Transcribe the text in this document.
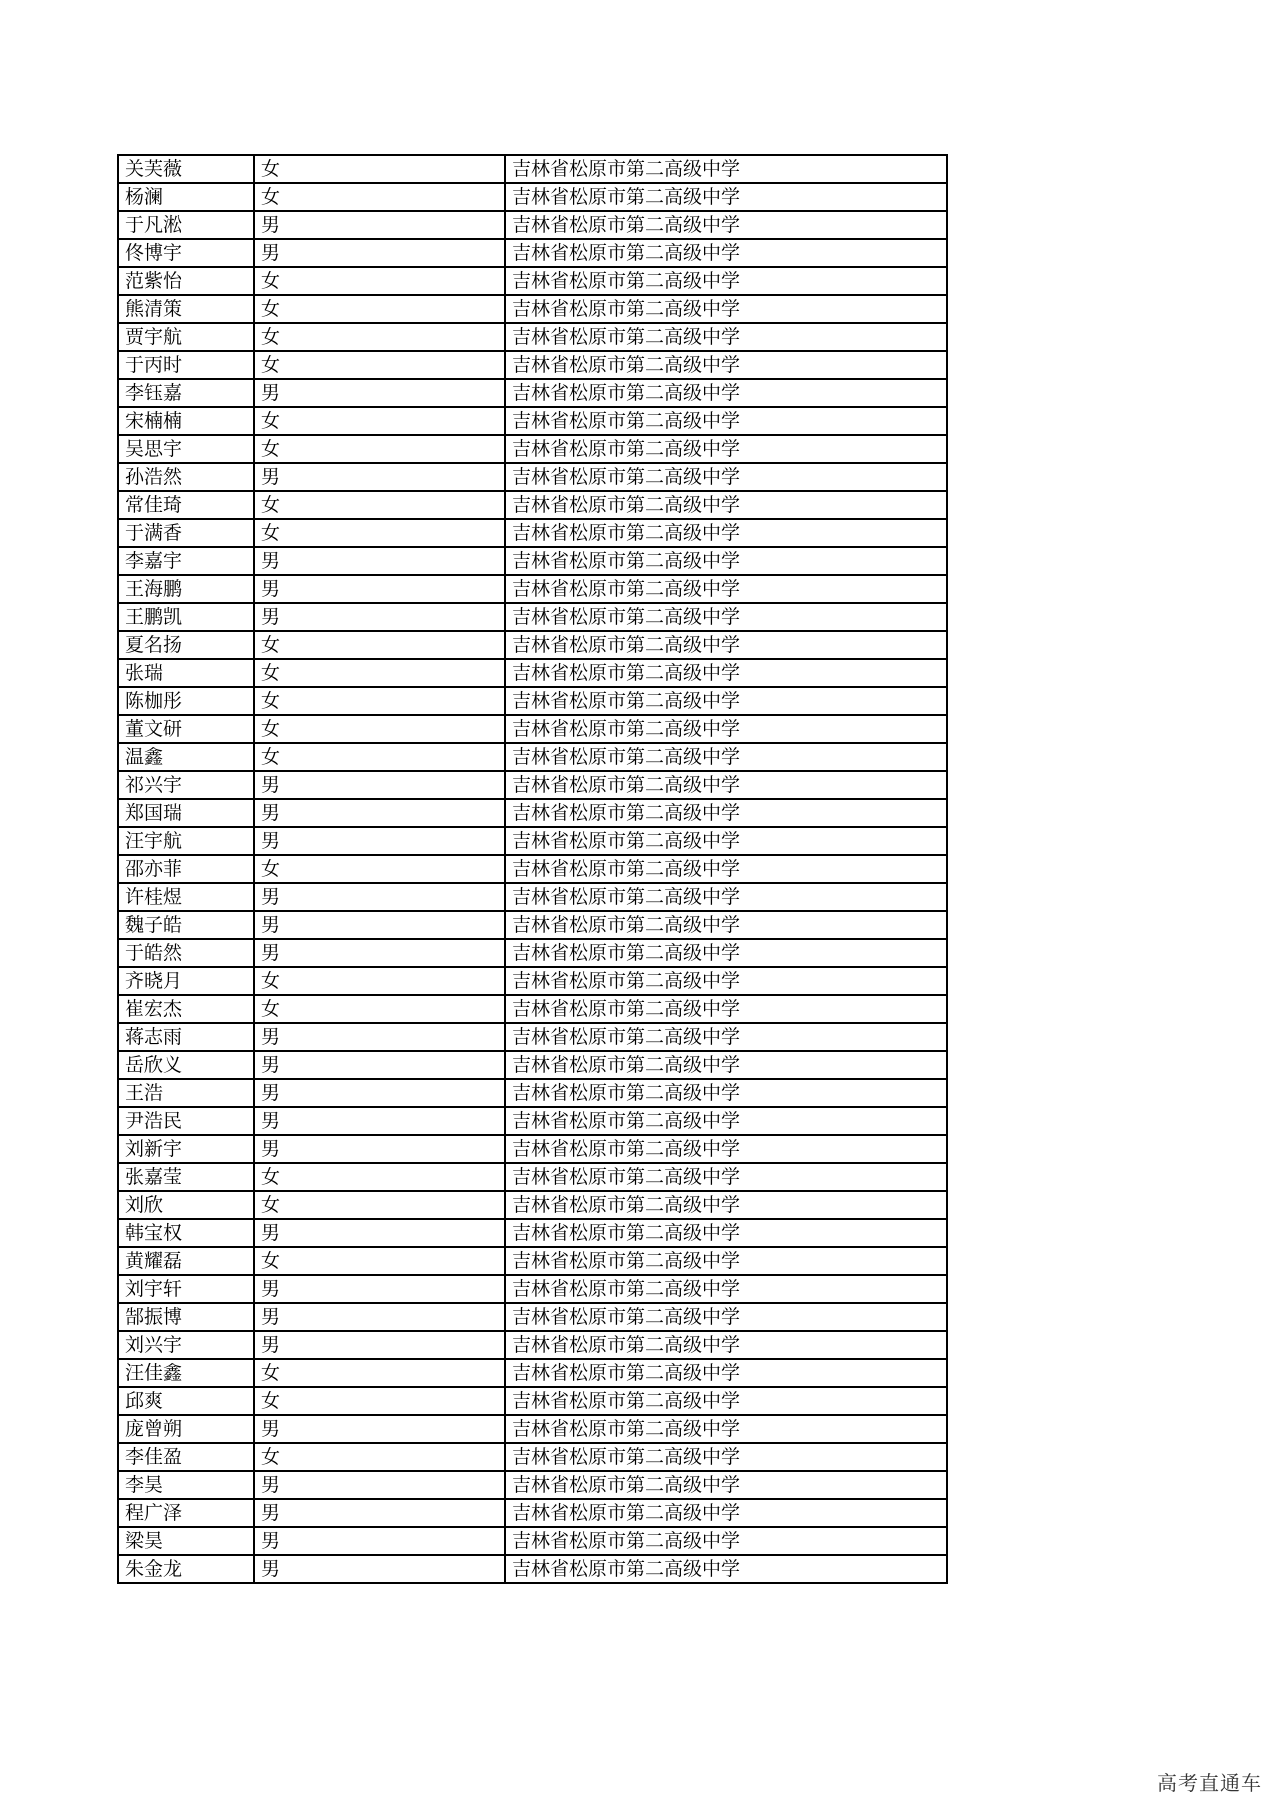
关芙薇	女	吉林省松原市第二高级中学
杨澜	女	吉林省松原市第二高级中学
于凡淞	男	吉林省松原市第二高级中学
佟博宇	男	吉林省松原市第二高级中学
范紫怡	女	吉林省松原市第二高级中学
熊清策	女	吉林省松原市第二高级中学
贾宇航	女	吉林省松原市第二高级中学
于丙时	女	吉林省松原市第二高级中学
李钰嘉	男	吉林省松原市第二高级中学
宋楠楠	女	吉林省松原市第二高级中学
吴思宇	女	吉林省松原市第二高级中学
孙浩然	男	吉林省松原市第二高级中学
常佳琦	女	吉林省松原市第二高级中学
于满香	女	吉林省松原市第二高级中学
李嘉宇	男	吉林省松原市第二高级中学
王海鹏	男	吉林省松原市第二高级中学
王鹏凯	男	吉林省松原市第二高级中学
夏名扬	女	吉林省松原市第二高级中学
张瑞	女	吉林省松原市第二高级中学
陈枷彤	女	吉林省松原市第二高级中学
董文研	女	吉林省松原市第二高级中学
温鑫	女	吉林省松原市第二高级中学
祁兴宇	男	吉林省松原市第二高级中学
郑国瑞	男	吉林省松原市第二高级中学
汪宇航	男	吉林省松原市第二高级中学
邵亦菲	女	吉林省松原市第二高级中学
许桂煜	男	吉林省松原市第二高级中学
魏子皓	男	吉林省松原市第二高级中学
于皓然	男	吉林省松原市第二高级中学
齐晓月	女	吉林省松原市第二高级中学
崔宏杰	女	吉林省松原市第二高级中学
蒋志雨	男	吉林省松原市第二高级中学
岳欣义	男	吉林省松原市第二高级中学
王浩	男	吉林省松原市第二高级中学
尹浩民	男	吉林省松原市第二高级中学
刘新宇	男	吉林省松原市第二高级中学
张嘉莹	女	吉林省松原市第二高级中学
刘欣	女	吉林省松原市第二高级中学
韩宝权	男	吉林省松原市第二高级中学
黄耀磊	女	吉林省松原市第二高级中学
刘宇轩	男	吉林省松原市第二高级中学
郜振博	男	吉林省松原市第二高级中学
刘兴宇	男	吉林省松原市第二高级中学
汪佳鑫	女	吉林省松原市第二高级中学
邱爽	女	吉林省松原市第二高级中学
庞曾朔	男	吉林省松原市第二高级中学
李佳盈	女	吉林省松原市第二高级中学
李昊	男	吉林省松原市第二高级中学
程广泽	男	吉林省松原市第二高级中学
梁昊	男	吉林省松原市第二高级中学
朱金龙	男	吉林省松原市第二高级中学
高考直通车
